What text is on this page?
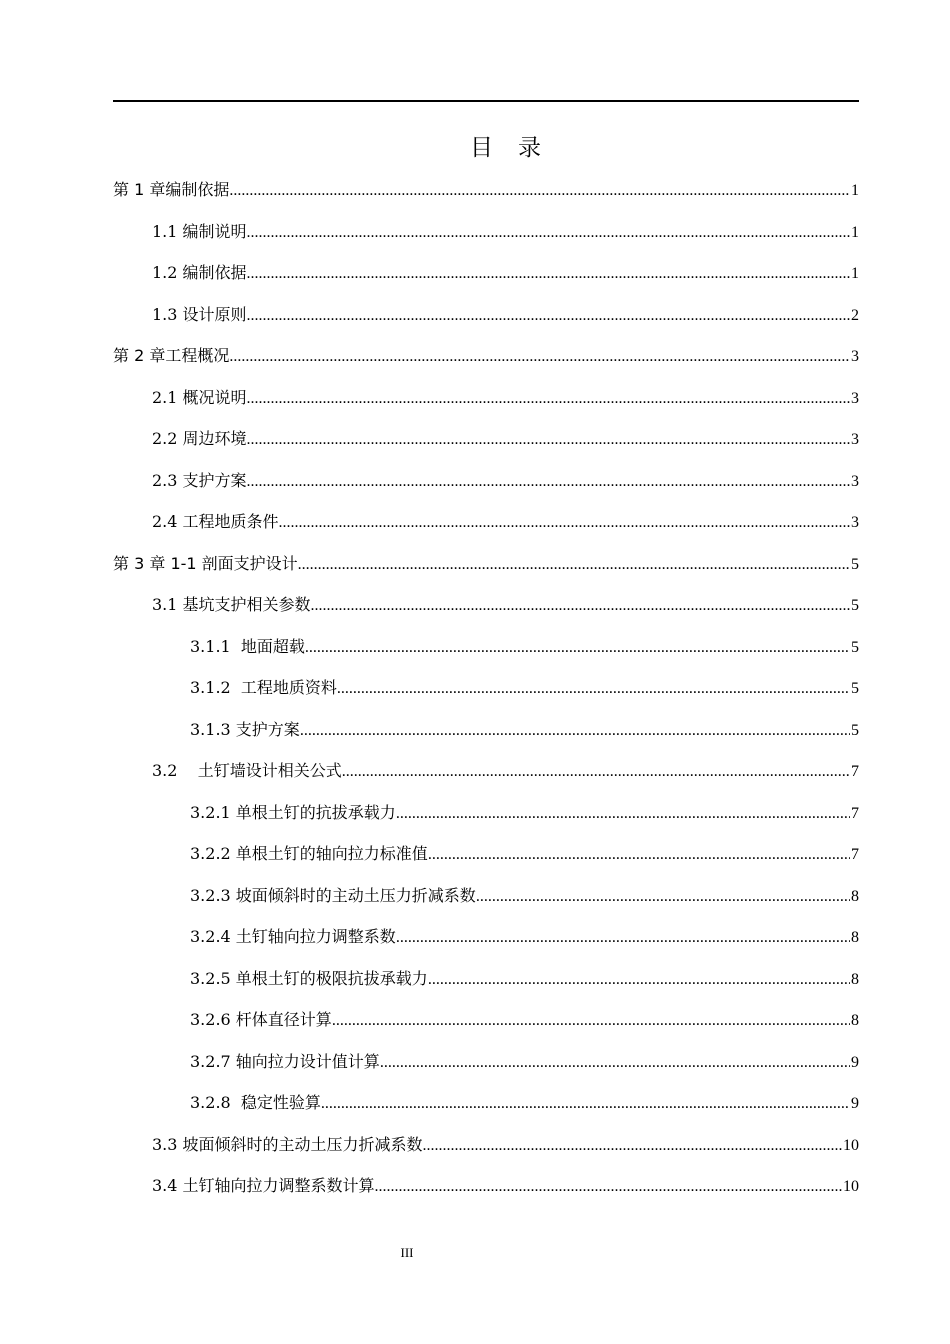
目　录
第 1 章编制依据 .....	1
1.1 编制说明 .....	1
1.2 编制依据 .....	1
1.3 设计原则 .....	2
第 2 章工程概况 .....	3
2.1 概况说明 .....	3
2.2 周边环境 .....	3
2.3 支护方案 .....	3
2.4 工程地质条件 .....	3
第 3 章 1-1 剖面支护设计 .....	5
3.1 基坑支护相关参数 .....	5
3.1.1  地面超载 .....	5
3.1.2  工程地质资料 .....	5
3.1.3 支护方案 .....	5
3.2    土钉墙设计相关公式 .....	7
3.2.1 单根土钉的抗拔承载力 .....	7
3.2.2 单根土钉的轴向拉力标准值 .....	7
3.2.3 坡面倾斜时的主动土压力折减系数 .....	8
3.2.4 土钉轴向拉力调整系数 .....	8
3.2.5 单根土钉的极限抗拔承载力 .....	8
3.2.6 杆体直径计算 .....	8
3.2.7 轴向拉力设计值计算 .....	9
3.2.8  稳定性验算 .....	9
3.3 坡面倾斜时的主动土压力折减系数 .....	10
3.4 土钉轴向拉力调整系数计算 .....	10
III
